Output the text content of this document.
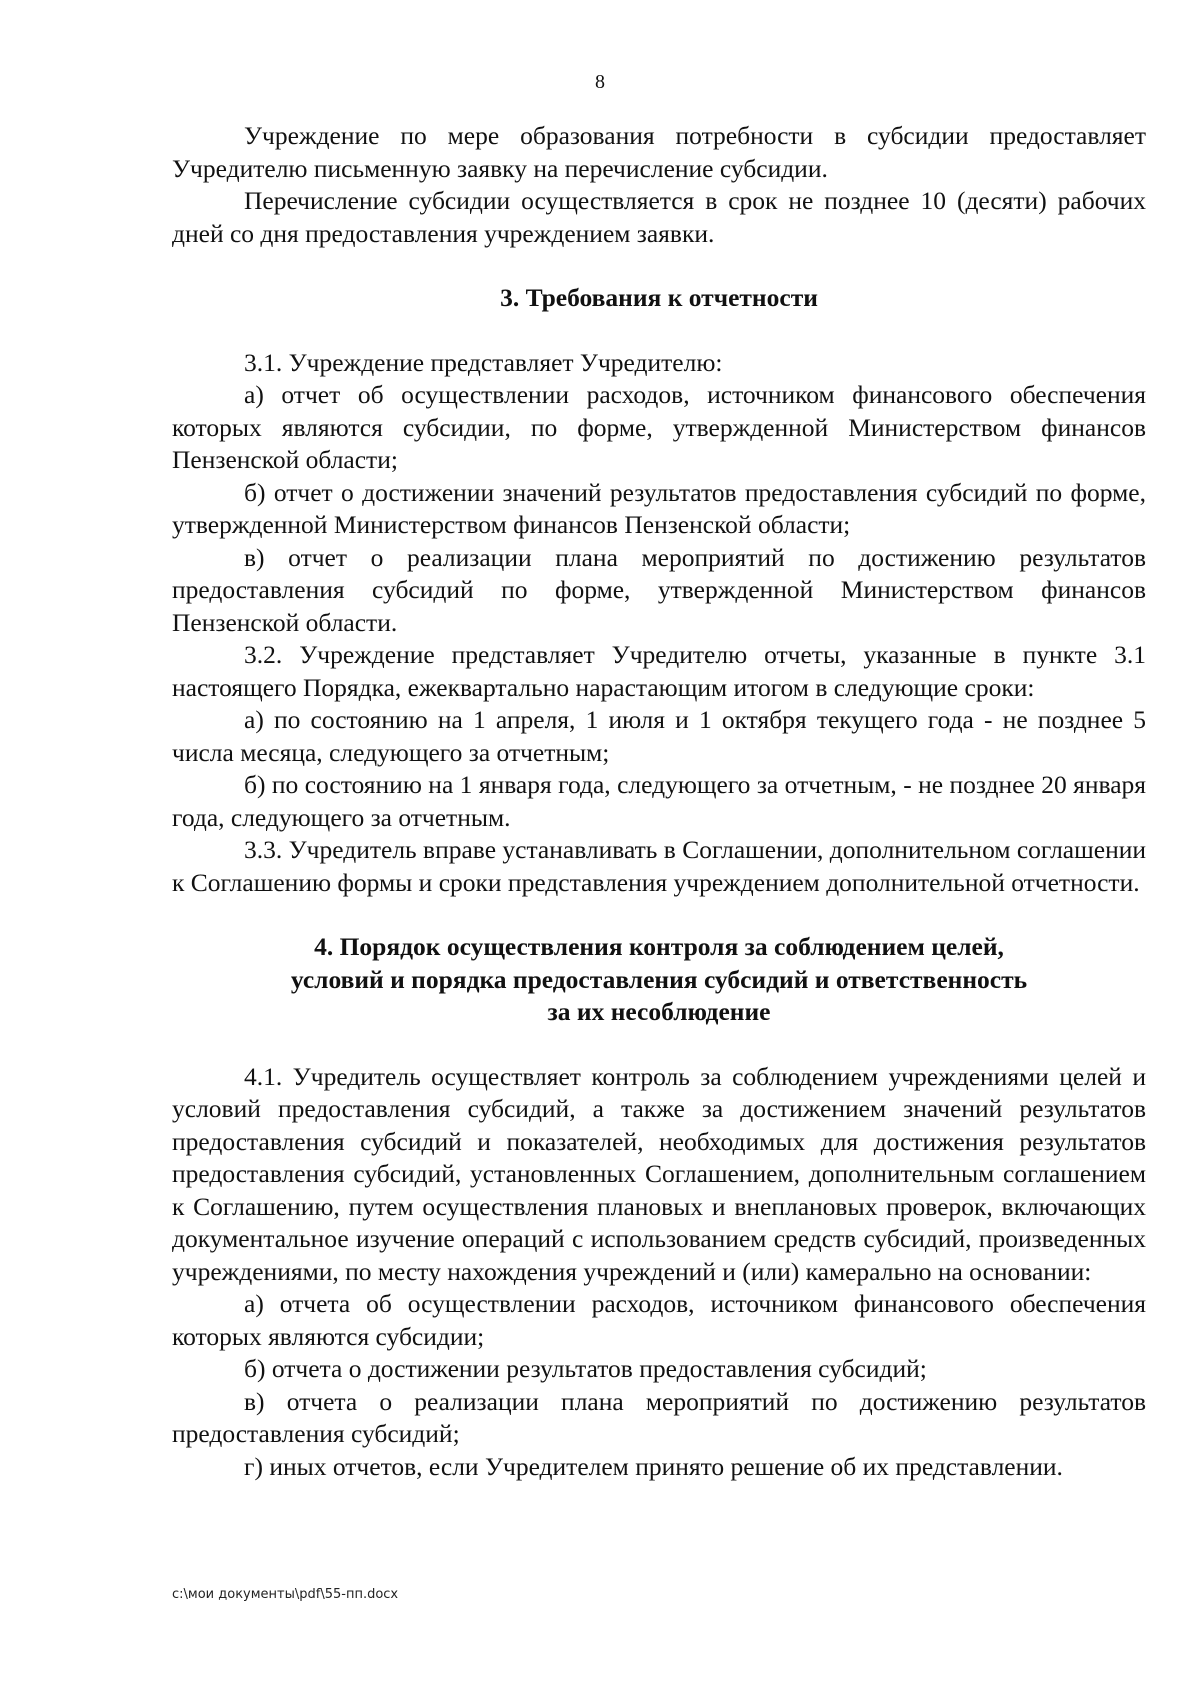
8

Учреждение по мере образования потребности в субсидии предоставляет Учредителю письменную заявку на перечисление субсидии.

Перечисление субсидии осуществляется в срок не позднее 10 (десяти) рабочих дней со дня предоставления учреждением заявки.

3. Требования к отчетности

3.1. Учреждение представляет Учредителю:

а) отчет об осуществлении расходов, источником финансового обеспечения которых являются субсидии, по форме, утвержденной Министерством финансов Пензенской области;

б) отчет о достижении значений результатов предоставления субсидий по форме, утвержденной Министерством финансов Пензенской области;

в) отчет о реализации плана мероприятий по достижению результатов предоставления субсидий по форме, утвержденной Министерством финансов Пензенской области.

3.2. Учреждение представляет Учредителю отчеты, указанные в пункте 3.1 настоящего Порядка, ежеквартально нарастающим итогом в следующие сроки:

а) по состоянию на 1 апреля, 1 июля и 1 октября текущего года - не позднее 5 числа месяца, следующего за отчетным;

б) по состоянию на 1 января года, следующего за отчетным, - не позднее 20 января года, следующего за отчетным.

3.3. Учредитель вправе устанавливать в Соглашении, дополнительном соглашении к Соглашению формы и сроки представления учреждением дополнительной отчетности.

4. Порядок осуществления контроля за соблюдением целей,
условий и порядка предоставления субсидий и ответственность
за их несоблюдение

4.1. Учредитель осуществляет контроль за соблюдением учреждениями целей и условий предоставления субсидий, а также за достижением значений результатов предоставления субсидий и показателей, необходимых для достижения результатов предоставления субсидий, установленных Соглашением, дополнительным соглашением к Соглашению, путем осуществления плановых и внеплановых проверок, включающих документальное изучение операций с использованием средств субсидий, произведенных учреждениями, по месту нахождения учреждений и (или) камерально на основании:

а) отчета об осуществлении расходов, источником финансового обеспечения которых являются субсидии;

б) отчета о достижении результатов предоставления субсидий;

в) отчета о реализации плана мероприятий по достижению результатов предоставления субсидий;

г) иных отчетов, если Учредителем принято решение об их представлении.

c:\мои документы\pdf\55-пп.docx
